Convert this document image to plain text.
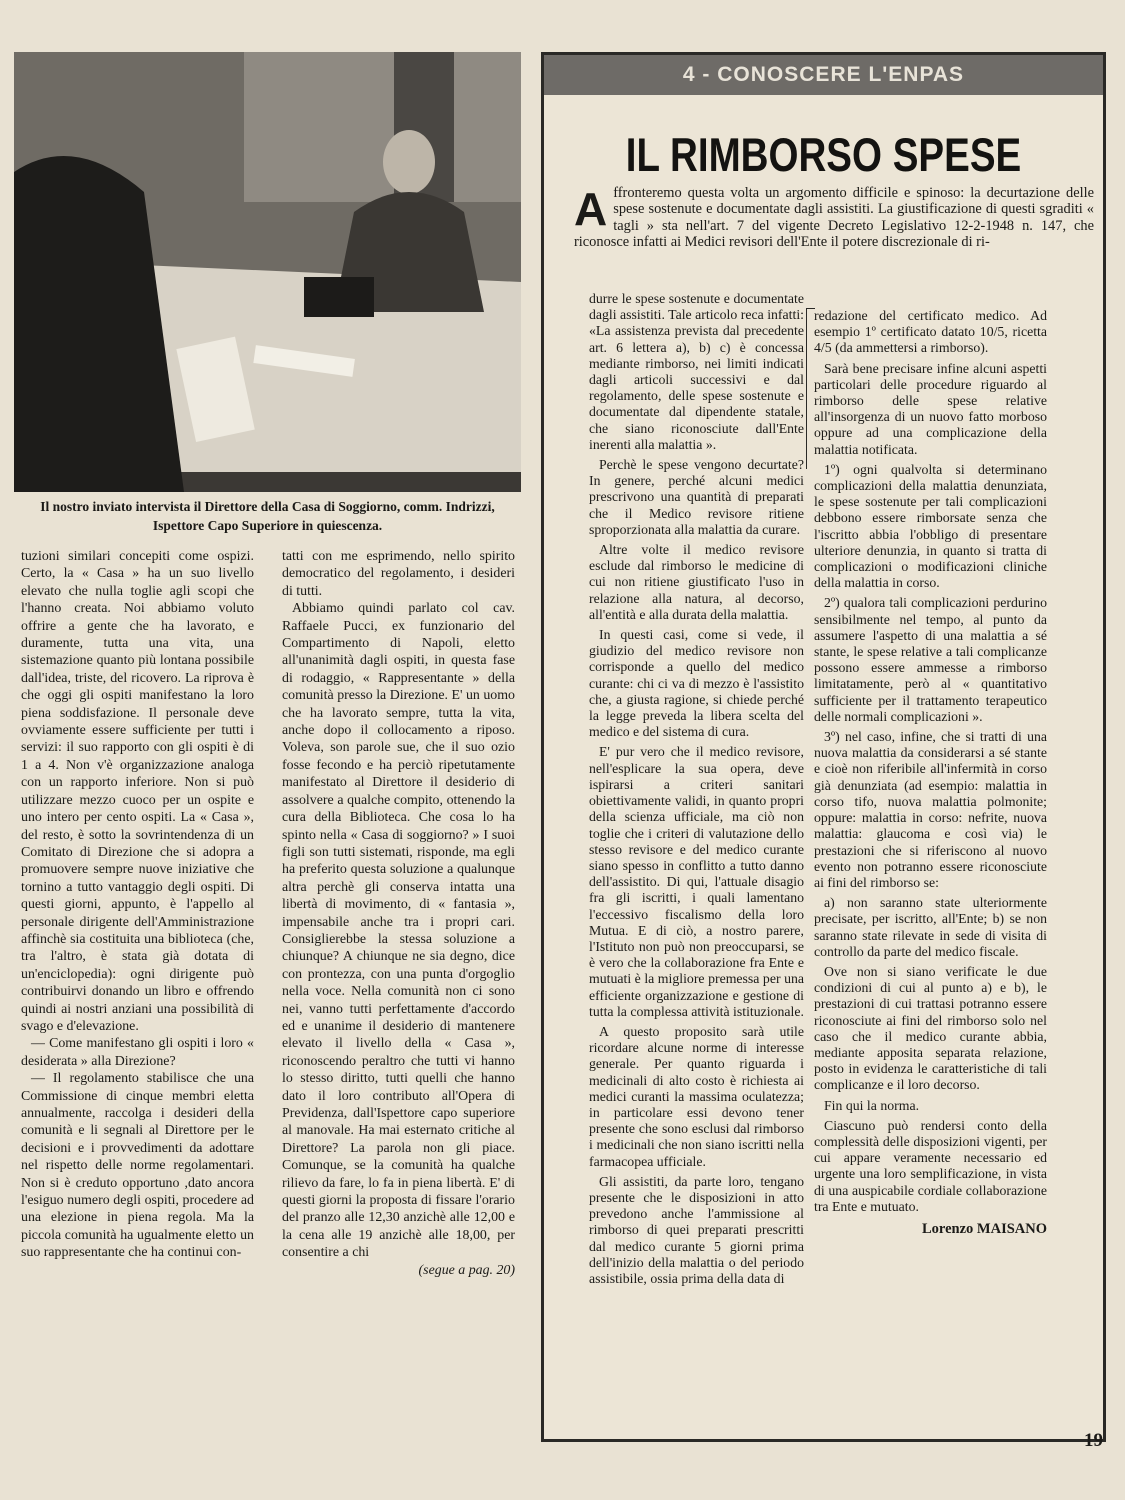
Il nostro inviato intervista il Direttore della Casa di Soggiorno, comm. Indrizzi, Ispettore Capo Superiore in quiescenza.

tuzioni similari concepiti come ospizi. Certo, la « Casa » ha un suo livello elevato che nulla toglie agli scopi che l'hanno creata. Noi abbiamo voluto offrire a gente che ha lavorato, e duramente, tutta una vita, una sistemazione quanto più lontana possibile dall'idea, triste, del ricovero. La riprova è che oggi gli ospiti manifestano la loro piena soddisfazione. Il personale deve ovviamente essere sufficiente per tutti i servizi: il suo rapporto con gli ospiti è di 1 a 4. Non v'è organizzazione analoga con un rapporto inferiore. Non si può utilizzare mezzo cuoco per un ospite e uno intero per cento ospiti. La « Casa », del resto, è sotto la sovrintendenza di un Comitato di Direzione che si adopra a promuovere sempre nuove iniziative che tornino a tutto vantaggio degli ospiti. Di questi giorni, appunto, è l'appello al personale dirigente dell'Amministrazione affinchè sia costituita una biblioteca (che, tra l'altro, è stata già dotata di un'enciclopedia): ogni dirigente può contribuirvi donando un libro e offrendo quindi ai nostri anziani una possibilità di svago e d'elevazione.

— Come manifestano gli ospiti i loro « desiderata » alla Direzione?

— Il regolamento stabilisce che una Commissione di cinque membri eletta annualmente, raccolga i desideri della comunità e li segnali al Direttore per le decisioni e i provvedimenti da adottare nel rispetto delle norme regolamentari. Non si è creduto opportuno ,dato ancora l'esiguo numero degli ospiti, procedere ad una elezione in piena regola. Ma la piccola comunità ha ugualmente eletto un suo rappresentante che ha continui con-

tatti con me esprimendo, nello spirito democratico del regolamento, i desideri di tutti.

Abbiamo quindi parlato col cav. Raffaele Pucci, ex funzionario del Compartimento di Napoli, eletto all'unanimità dagli ospiti, in questa fase di rodaggio, « Rappresentante » della comunità presso la Direzione. E' un uomo che ha lavorato sempre, tutta la vita, anche dopo il collocamento a riposo. Voleva, son parole sue, che il suo ozio fosse fecondo e ha perciò ripetutamente manifestato al Direttore il desiderio di assolvere a qualche compito, ottenendo la cura della Biblioteca. Che cosa lo ha spinto nella « Casa di soggiorno? » I suoi figli son tutti sistemati, risponde, ma egli ha preferito questa soluzione a qualunque altra perchè gli conserva intatta una libertà di movimento, di « fantasia », impensabile anche tra i propri cari. Consiglierebbe la stessa soluzione a chiunque? A chiunque ne sia degno, dice con prontezza, con una punta d'orgoglio nella voce. Nella comunità non ci sono nei, vanno tutti perfettamente d'accordo ed e unanime il desiderio di mantenere elevato il livello della « Casa », riconoscendo peraltro che tutti vi hanno lo stesso diritto, tutti quelli che hanno dato il loro contributo all'Opera di Previdenza, dall'Ispettore capo superiore al manovale. Ha mai esternato critiche al Direttore? La parola non gli piace. Comunque, se la comunità ha qualche rilievo da fare, lo fa in piena libertà. E' di questi giorni la proposta di fissare l'orario del pranzo alle 12,30 anzichè alle 12,00 e la cena alle 19 anzichè alle 18,00, per consentire a chi

(segue a pag. 20)

4 - CONOSCERE L'ENPAS
IL RIMBORSO SPESE
A ffronteremo questa volta un argomento difficile e spinoso: la decurtazione delle spese sostenute e documentate dagli assistiti. La giustificazione di questi sgraditi « tagli » sta nell'art. 7 del vigente Decreto Legislativo 12-2-1948 n. 147, che riconosce infatti ai Medici revisori dell'Ente il potere discrezionale di ri-

durre le spese sostenute e documentate dagli assistiti. Tale articolo reca infatti: «La assistenza prevista dal precedente art. 6 lettera a), b) c) è concessa mediante rimborso, nei limiti indicati dagli articoli successivi e dal regolamento, delle spese sostenute e documentate dal dipendente statale, che siano riconosciute dall'Ente inerenti alla malattia ».

Perchè le spese vengono decurtate? In genere, perché alcuni medici prescrivono una quantità di preparati che il Medico revisore ritiene sproporzionata alla malattia da curare.

Altre volte il medico revisore esclude dal rimborso le medicine di cui non ritiene giustificato l'uso in relazione alla natura, al decorso, all'entità e alla durata della malattia.

In questi casi, come si vede, il giudizio del medico revisore non corrisponde a quello del medico curante: chi ci va di mezzo è l'assistito che, a giusta ragione, si chiede perché la legge preveda la libera scelta del medico e del sistema di cura.

E' pur vero che il medico revisore, nell'esplicare la sua opera, deve ispirarsi a criteri sanitari obiettivamente validi, in quanto propri della scienza ufficiale, ma ciò non toglie che i criteri di valutazione dello stesso revisore e del medico curante siano spesso in conflitto a tutto danno dell'assistito. Di qui, l'attuale disagio fra gli iscritti, i quali lamentano l'eccessivo fiscalismo della loro Mutua. E di ciò, a nostro parere, l'Istituto non può non preoccuparsi, se è vero che la collaborazione fra Ente e mutuati è la migliore premessa per una efficiente organizzazione e gestione di tutta la complessa attività istituzionale.

A questo proposito sarà utile ricordare alcune norme di interesse generale. Per quanto riguarda i medicinali di alto costo è richiesta ai medici curanti la massima oculatezza; in particolare essi devono tener presente che sono esclusi dal rimborso i medicinali che non siano iscritti nella farmacopea ufficiale.

Gli assistiti, da parte loro, tengano presente che le disposizioni in atto prevedono anche l'ammissione al rimborso di quei preparati prescritti dal medico curante 5 giorni prima dell'inizio della malattia o del periodo assistibile, ossia prima della data di

redazione del certificato medico. Ad esempio 1º certificato datato 10/5, ricetta 4/5 (da ammettersi a rimborso).

Sarà bene precisare infine alcuni aspetti particolari delle procedure riguardo al rimborso delle spese relative all'insorgenza di un nuovo fatto morboso oppure ad una complicazione della malattia notificata.

1º) ogni qualvolta si determinano complicazioni della malattia denunziata, le spese sostenute per tali complicazioni debbono essere rimborsate senza che l'iscritto abbia l'obbligo di presentare ulteriore denunzia, in quanto si tratta di complicazioni o modificazioni cliniche della malattia in corso.

2º) qualora tali complicazioni perdurino sensibilmente nel tempo, al punto da assumere l'aspetto di una malattia a sé stante, le spese relative a tali complicanze possono essere ammesse a rimborso limitatamente, però al « quantitativo sufficiente per il trattamento terapeutico delle normali complicazioni ».

3º) nel caso, infine, che si tratti di una nuova malattia da considerarsi a sé stante e cioè non riferibile all'infermità in corso già denunziata (ad esempio: malattia in corso tifo, nuova malattia polmonite; oppure: malattia in corso: nefrite, nuova malattia: glaucoma e così via) le prestazioni che si riferiscono al nuovo evento non potranno essere riconosciute ai fini del rimborso se:

a) non saranno state ulteriormente precisate, per iscritto, all'Ente; b) se non saranno state rilevate in sede di visita di controllo da parte del medico fiscale.

Ove non si siano verificate le due condizioni di cui al punto a) e b), le prestazioni di cui trattasi potranno essere riconosciute ai fini del rimborso solo nel caso che il medico curante abbia, mediante apposita separata relazione, posto in evidenza le caratteristiche di tali complicanze e il loro decorso.

Fin qui la norma.

Ciascuno può rendersi conto della complessità delle disposizioni vigenti, per cui appare veramente necessario ed urgente una loro semplificazione, in vista di una auspicabile cordiale collaborazione tra Ente e mutuato.

Lorenzo MAISANO
19
